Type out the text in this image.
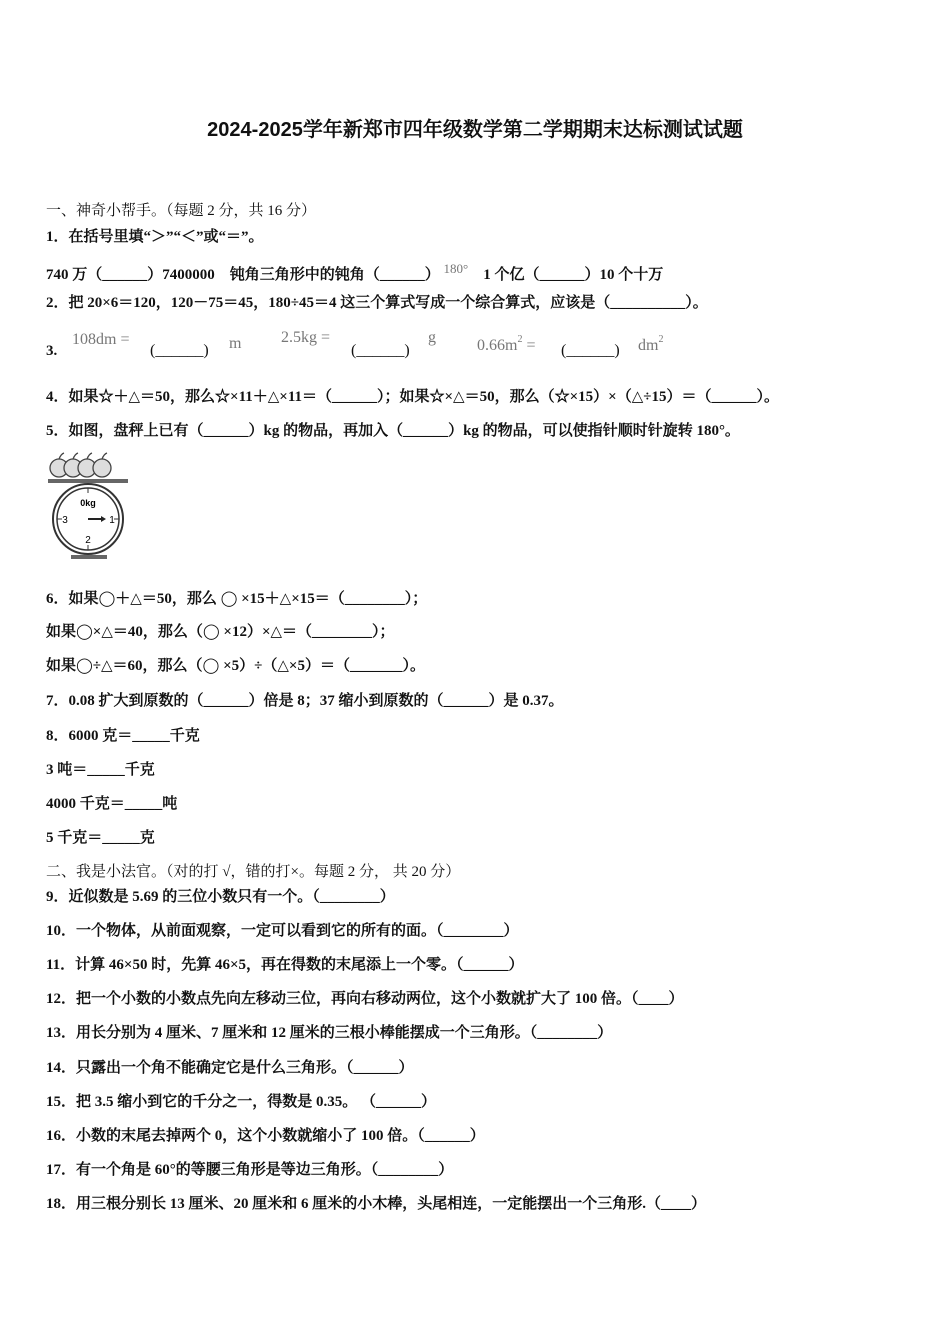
2024-2025学年新郑市四年级数学第二学期期末达标测试试题
一、神奇小帮手。（每题 2 分，共 16 分）
1．在括号里填“＞”“＜”或“＝”。
740 万（______）7400000 钝角三角形中的钝角（______） 180° 1 个亿（______）10 个十万
2．把 20×6＝120，120－75＝45，180÷45＝4 这三个算式写成一个综合算式，应该是（__________）。
3.
108dm =
(______) m 2.5kg =
(______)
g	$0.66m^2$ = (______) $dm^2$
4．如果☆＋△＝50，那么☆×11＋△×11＝（______）；如果☆×△＝50，那么（☆×15）×（△÷15）＝（______）。
5．如图，盘秤上已有（______）kg 的物品，再加入（______）kg 的物品，可以使指针顺时针旋转 180°。
0kg
1
2
3
6．如果◯＋△＝50，那么 ◯ ×15＋△×15＝（________）；
如果◯×△＝40，那么（◯ ×12）×△＝（________）；
如果◯÷△＝60，那么（◯ ×5）÷（△×5）＝（_______）。
7．0.08 扩大到原数的（______）倍是 8；37 缩小到原数的（______）是 0.37。
8．6000 克＝_____千克
3 吨＝_____千克
4000 千克＝_____吨
5 千克＝_____克
二、我是小法官。（对的打 √，错的打×。每题 2 分， 共 20 分）
9．近似数是 5.69 的三位小数只有一个。（________）
10．一个物体，从前面观察，一定可以看到它的所有的面。（________）
11．计算 46×50 时，先算 46×5，再在得数的末尾添上一个零。（______）
12．把一个小数的小数点先向左移动三位，再向右移动两位，这个小数就扩大了 100 倍。（____）
13．用长分别为 4 厘米、7 厘米和 12 厘米的三根小棒能摆成一个三角形。（________）
14．只露出一个角不能确定它是什么三角形。（______）
15．把 3.5 缩小到它的千分之一，得数是 0.35。 （______）
16．小数的末尾去掉两个 0，这个小数就缩小了 100 倍。（______）
17．有一个角是 60°的等腰三角形是等边三角形。（________）
18．用三根分别长 13 厘米、20 厘米和 6 厘米的小木棒，头尾相连，一定能摆出一个三角形.（____）
